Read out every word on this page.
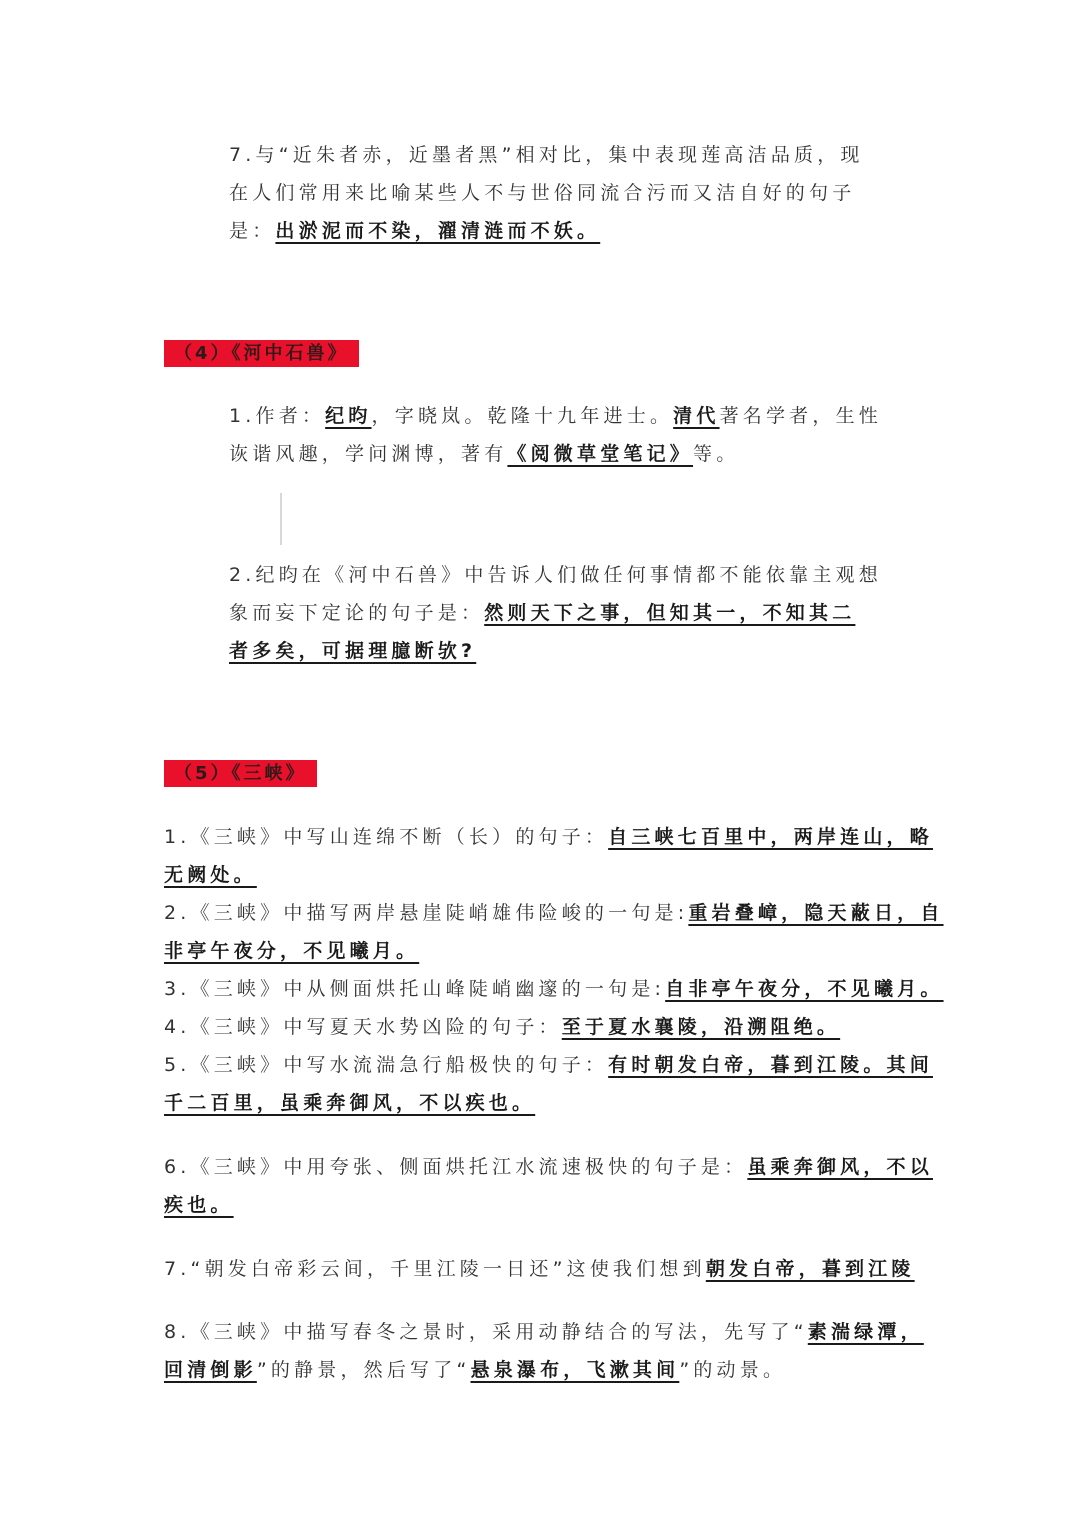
7.与“近朱者赤，近墨者黑”相对比，集中表现莲高洁品质，现
在人们常用来比喻某些人不与世俗同流合污而又洁自好的句子
是：出淤泥而不染，濯清涟而不妖。
（4）《河中石兽》
1.作者：纪昀，字晓岚。乾隆十九年进士。清代著名学者，生性
诙谐风趣，学问渊博，著有《阅微草堂笔记》等。
2.纪昀在《河中石兽》中告诉人们做任何事情都不能依靠主观想
象而妄下定论的句子是：然则天下之事，但知其一，不知其二
者多矣，可据理臆断欤?
（5）《三峡》
1.《三峡》中写山连绵不断（长）的句子：自三峡七百里中，两岸连山，略
无阙处。
2.《三峡》中描写两岸悬崖陡峭雄伟险峻的一句是:重岩叠嶂，隐天蔽日，自
非亭午夜分，不见曦月。
3.《三峡》中从侧面烘托山峰陡峭幽邃的一句是:自非亭午夜分，不见曦月。
4.《三峡》中写夏天水势凶险的句子：至于夏水襄陵，沿溯阻绝。
5.《三峡》中写水流湍急行船极快的句子：有时朝发白帝，暮到江陵。其间
千二百里，虽乘奔御风，不以疾也。
6.《三峡》中用夸张、侧面烘托江水流速极快的句子是：虽乘奔御风，不以
疾也。
7.“朝发白帝彩云间，千里江陵一日还”这使我们想到朝发白帝，暮到江陵
8.《三峡》中描写春冬之景时，采用动静结合的写法，先写了“素湍绿潭，
回清倒影”的静景，然后写了“悬泉瀑布，飞漱其间”的动景。
